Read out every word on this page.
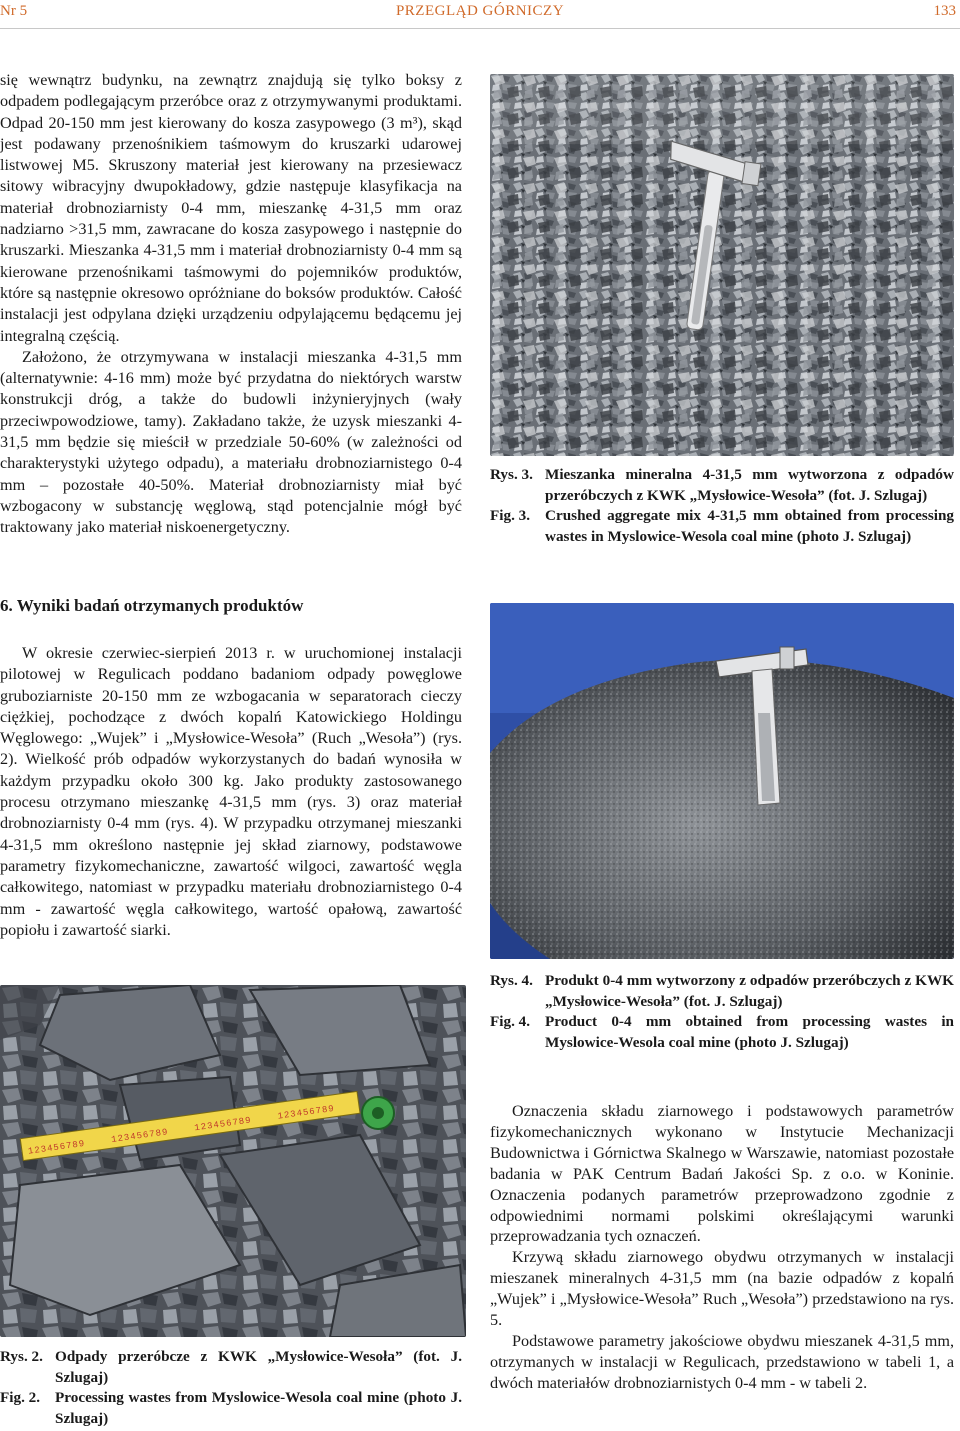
Nr 5	PRZEGLĄD GÓRNICZY	133

się wewnątrz budynku, na zewnątrz znajdują się tylko boksy z odpadem podlegającym przeróbce oraz z otrzymywanymi produktami. Odpad 20-150 mm jest kierowany do kosza zasypowego (3 m³), skąd jest podawany przenośnikiem taśmowym do kruszarki udarowej listwowej M5. Skruszony materiał jest kierowany na przesiewacz sitowy wibracyjny dwupokładowy, gdzie następuje klasyfikacja na materiał drobnoziarnisty 0-4 mm, mieszankę 4-31,5 mm oraz nadziarno >31,5 mm, zawracane do kosza zasypowego i następnie do kruszarki. Mieszanka 4-31,5 mm i materiał drobnoziarnisty 0-4 mm są kierowane przenośnikami taśmowymi do pojemników produktów, które są następnie okresowo opróżniane do boksów produktów. Całość instalacji jest odpylana dzięki urządzeniu odpylającemu będącemu jej integralną częścią.

Założono, że otrzymywana w instalacji mieszanka 4-31,5 mm (alternatywnie: 4-16 mm) może być przydatna do niektórych warstw konstrukcji dróg, a także do budowli inżynieryjnych (wały przeciwpowodziowe, tamy). Zakładano także, że uzysk mieszanki 4-31,5 mm będzie się mieścił w przedziale 50-60% (w zależności od charakterystyki użytego odpadu), a materiału drobnoziarnistego 0-4 mm – pozostałe 40-50%. Materiał drobnoziarnisty miał być wzbogacony w substancję węglową, stąd potencjalnie mógł być traktowany jako materiał niskoenergetyczny.

6. Wyniki badań otrzymanych produktów

W okresie czerwiec-sierpień 2013 r. w uruchomionej instalacji pilotowej w Regulicach poddano badaniom odpady powęglowe gruboziarniste 20-150 mm ze wzbogacania w separatorach cieczy ciężkiej, pochodzące z dwóch kopalń Katowickiego Holdingu Węglowego: „Wujek” i „Mysłowice-Wesoła” (Ruch „Wesoła”) (rys. 2). Wielkość prób odpadów wykorzystanych do badań wynosiła w każdym przypadku około 300 kg. Jako produkty zastosowanego procesu otrzymano mieszankę 4-31,5 mm (rys. 3) oraz materiał drobnoziarnisty 0-4 mm (rys. 4). W przypadku otrzymanej mieszanki 4-31,5 mm określono następnie jej skład ziarnowy, podstawowe parametry fizykomechaniczne, zawartość wilgoci, zawartość węgla całkowitego, natomiast w przypadku materiału drobnoziarnistego 0-4 mm - zawartość węgla całkowitego, wartość opałową, zawartość popiołu i zawartość siarki.

Rys. 3. Mieszanka mineralna 4-31,5 mm wytworzona z odpadów przeróbczych z KWK „Mysłowice-Wesoła” (fot. J. Szlugaj)
Fig. 3. Crushed aggregate mix 4-31,5 mm obtained from processing wastes in Myslowice-Wesola coal mine (photo J. Szlugaj)
Rys. 4. Produkt 0-4 mm wytworzony z odpadów przeróbczych z KWK „Mysłowice-Wesoła” (fot. J. Szlugaj)
Fig. 4. Product 0-4 mm obtained from processing wastes in Myslowice-Wesola coal mine (photo J. Szlugaj)
123456789
123456789
123456789
123456789
Rys. 2. Odpady przeróbcze z KWK „Mysłowice-Wesoła” (fot. J. Szlugaj)
Fig. 2. Processing wastes from Myslowice-Wesola coal mine (photo J. Szlugaj)

Oznaczenia składu ziarnowego i podstawowych parametrów fizykomechanicznych wykonano w Instytucie Mechanizacji Budownictwa i Górnictwa Skalnego w Warszawie, natomiast pozostałe badania w PAK Centrum Badań Jakości Sp. z o.o. w Koninie. Oznaczenia podanych parametrów przeprowadzono zgodnie z odpowiednimi normami polskimi określającymi warunki przeprowadzania tych oznaczeń.

Krzywą składu ziarnowego obydwu otrzymanych w instalacji mieszanek mineralnych 4-31,5 mm (na bazie odpadów z kopalń „Wujek” i „Mysłowice-Wesoła” Ruch „Wesoła”) przedstawiono na rys. 5.

Podstawowe parametry jakościowe obydwu mieszanek 4-31,5 mm, otrzymanych w instalacji w Regulicach, przedstawiono w tabeli 1, a dwóch materiałów drobnoziarnistych 0-4 mm - w tabeli 2.
